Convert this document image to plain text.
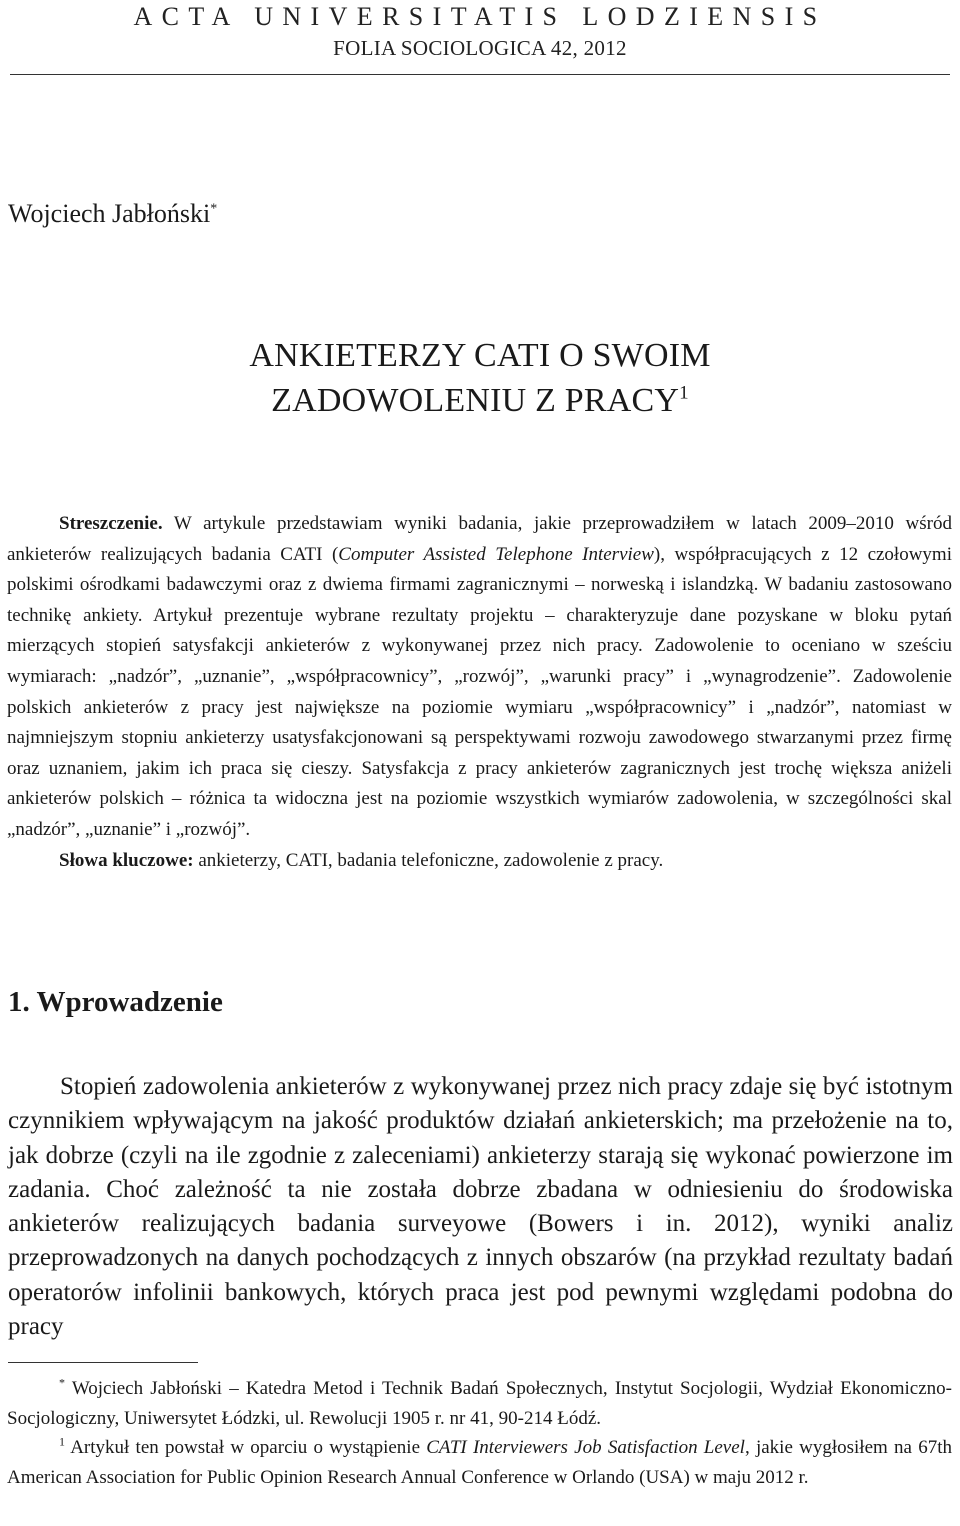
ACTA UNIVERSITATIS LODZIENSIS
FOLIA SOCIOLOGICA 42, 2012
Wojciech Jabłoński*
ANKIETERZY CATI O SWOIM
ZADOWOLENIU Z PRACY$^1$

Streszczenie. W artykule przedstawiam wyniki badania, jakie przeprowadziłem w latach 2009–2010 wśród ankieterów realizujących badania CATI (Computer Assisted Telephone Interview), współpracujących z 12 czołowymi polskimi ośrodkami badawczymi oraz z dwiema firmami zagranicznymi – norweską i islandzką. W badaniu zastosowano technikę ankiety. Artykuł prezentuje wybrane rezultaty projektu – charakteryzuje dane pozyskane w bloku pytań mierzących stopień satysfakcji ankieterów z wykonywanej przez nich pracy. Zadowolenie to oceniano w sześciu wymiarach: „nadzór”, „uznanie”, „współpracownicy”, „rozwój”, „warunki pracy” i „wynagrodzenie”. Zadowolenie polskich ankieterów z pracy jest największe na poziomie wymiaru „współpracownicy” i „nadzór”, natomiast w najmniejszym stopniu ankieterzy usatysfakcjonowani są perspektywami rozwoju zawodowego stwarzanymi przez firmę oraz uznaniem, jakim ich praca się cieszy. Satysfakcja z pracy ankieterów zagranicznych jest trochę większa aniżeli ankieterów polskich – różnica ta widoczna jest na poziomie wszystkich wymiarów zadowolenia, w szczególności skal „nadzór”, „uznanie” i „rozwój”.

Słowa kluczowe: ankieterzy, CATI, badania telefoniczne, zadowolenie z pracy.

1. Wprowadzenie

Stopień zadowolenia ankieterów z wykonywanej przez nich pracy zdaje się być istotnym czynnikiem wpływającym na jakość produktów działań ankieterskich; ma przełożenie na to, jak dobrze (czyli na ile zgodnie z zaleceniami) ankieterzy starają się wykonać powierzone im zadania. Choć zależność ta nie została dobrze zbadana w odniesieniu do środowiska ankieterów realizujących badania surveyowe (Bowers i in. 2012), wyniki analiz przeprowadzonych na danych pochodzących z innych obszarów (na przykład rezultaty badań operatorów infolinii bankowych, których praca jest pod pewnymi względami podobna do pracy

* Wojciech Jabłoński – Katedra Metod i Technik Badań Społecznych, Instytut Socjologii, Wydział Ekonomiczno-Socjologiczny, Uniwersytet Łódzki, ul. Rewolucji 1905 r. nr 41, 90-214 Łódź.

$^1$ Artykuł ten powstał w oparciu o wystąpienie CATI Interviewers Job Satisfaction Level, jakie wygłosiłem na 67th American Association for Public Opinion Research Annual Conference w Orlando (USA) w maju 2012 r.
